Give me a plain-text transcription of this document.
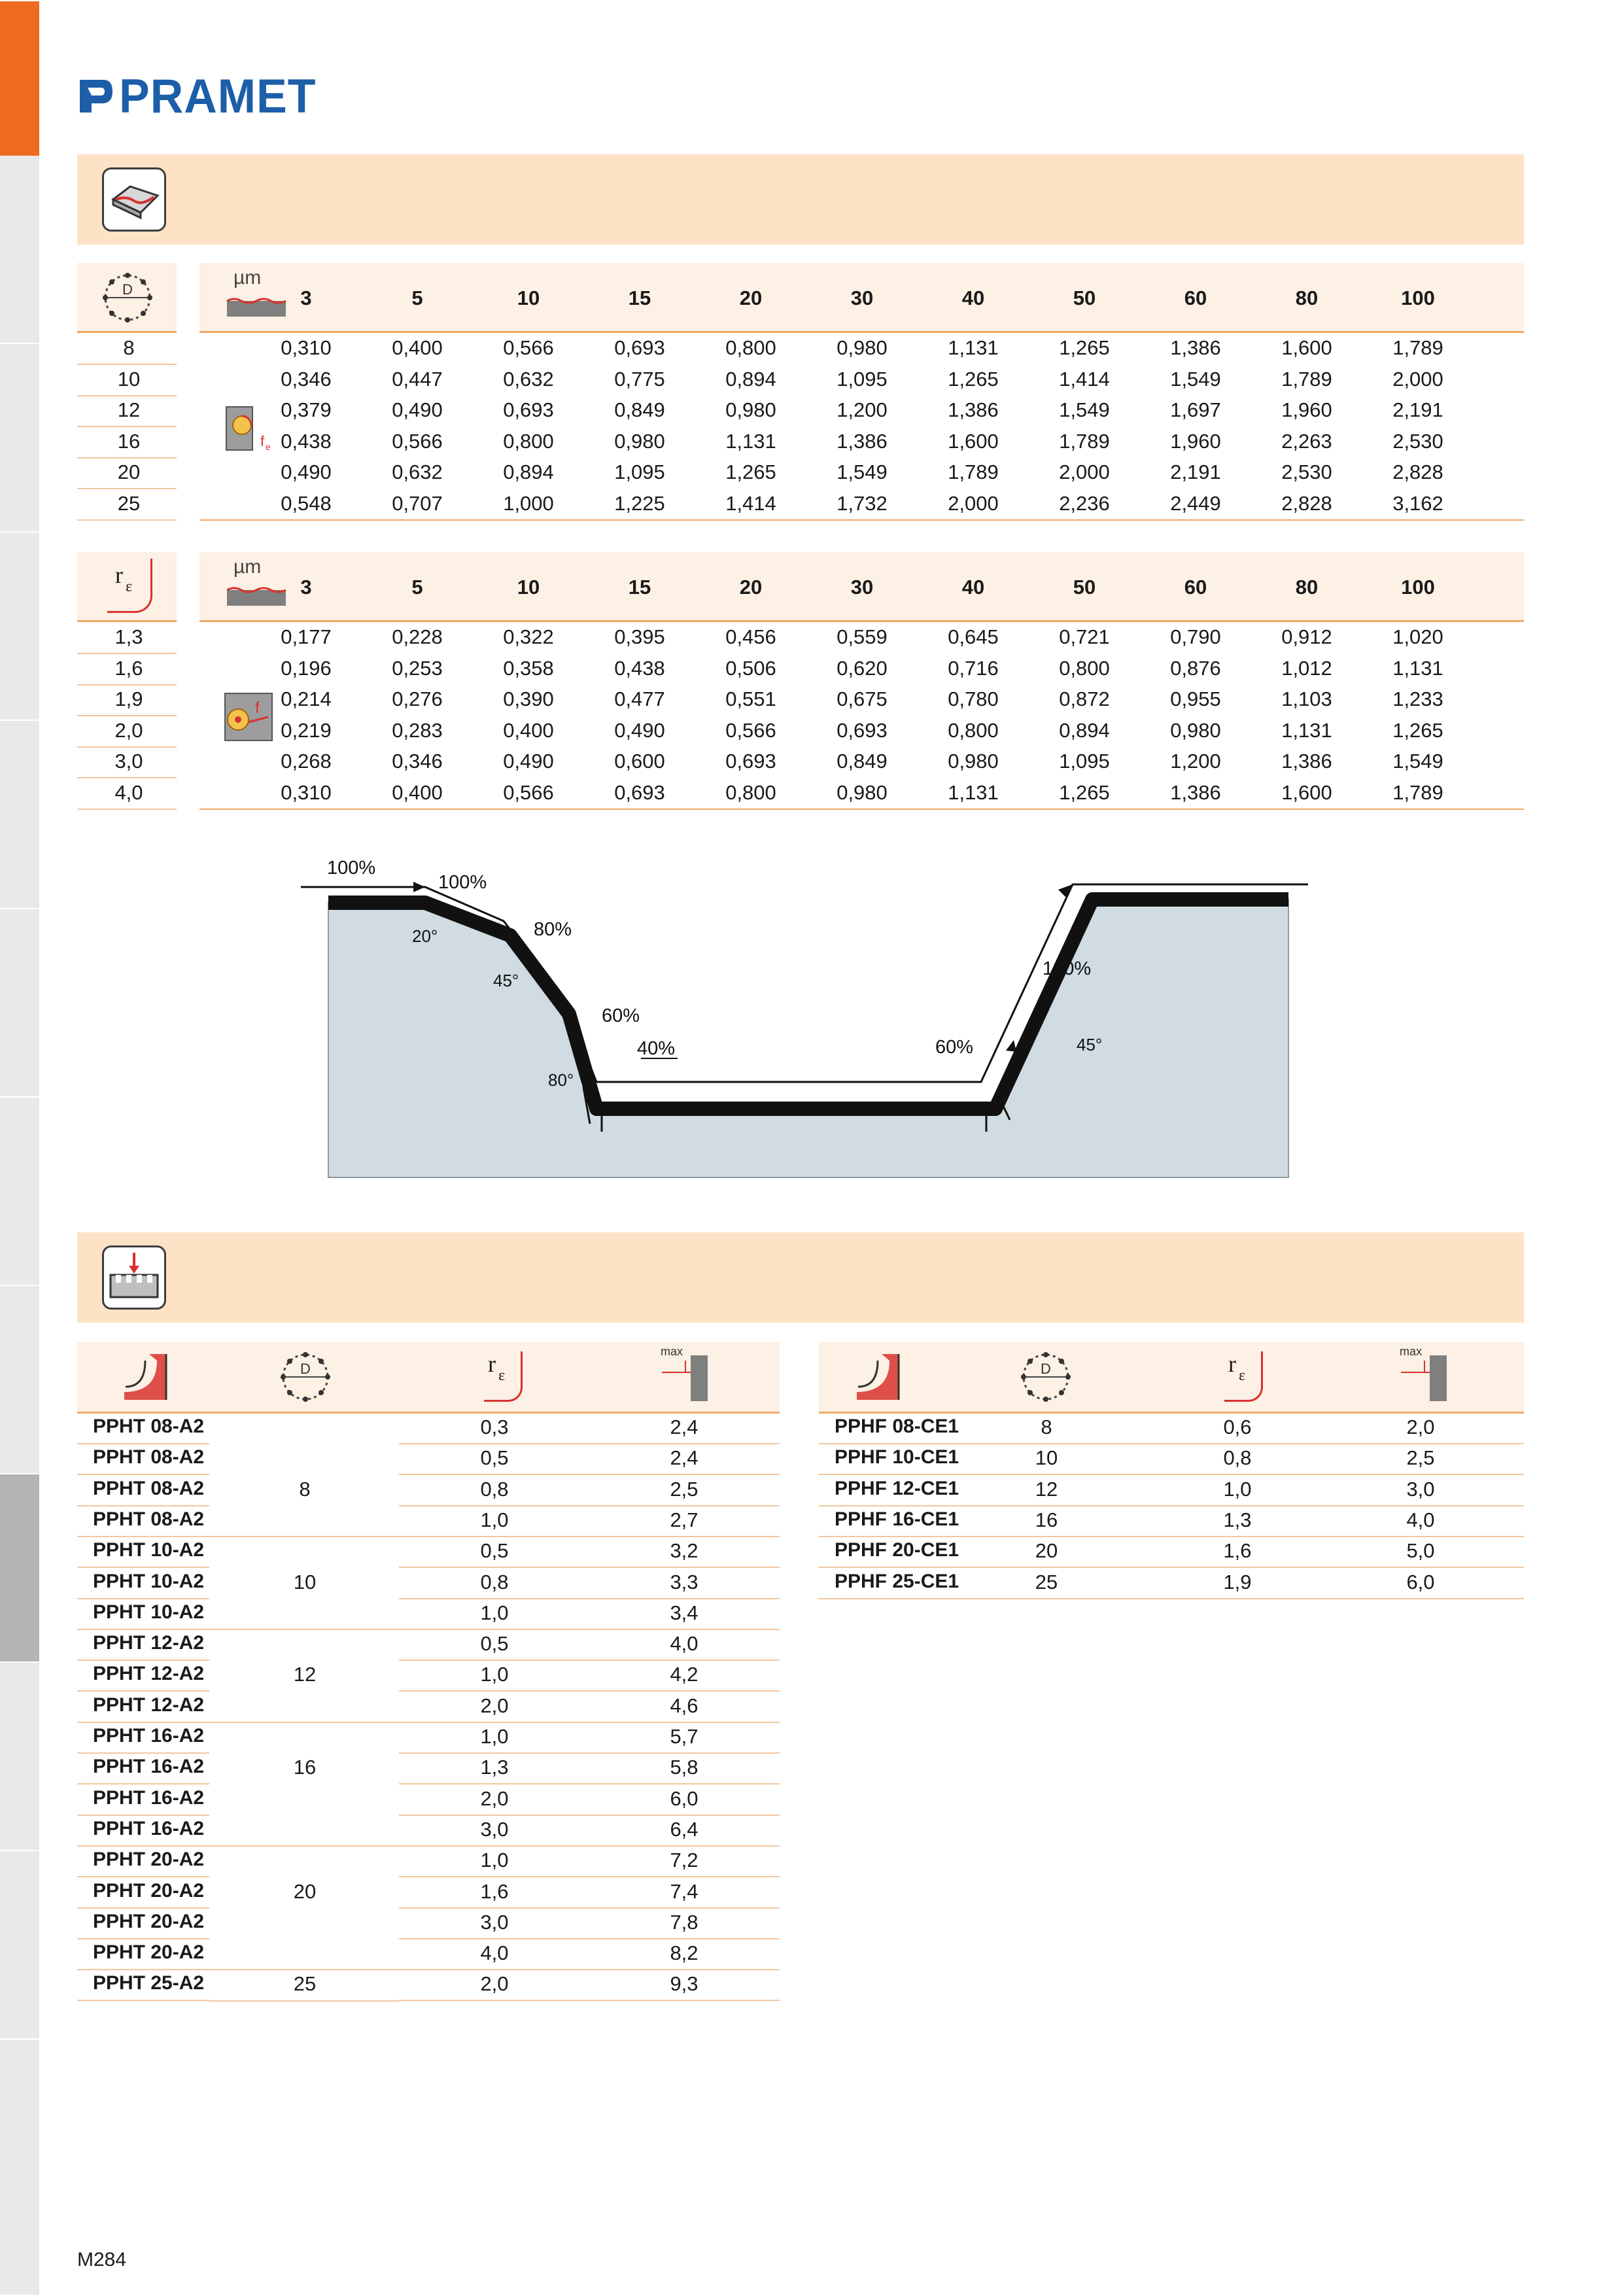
PRAMET
D
µm
3	5	10	15	20	30	40	50	60	80	100
8	0,310	0,400	0,566	0,693	0,800	0,980	1,131	1,265	1,386	1,600	1,789
10	0,346	0,447	0,632	0,775	0,894	1,095	1,265	1,414	1,549	1,789	2,000
12	0,379	0,490	0,693	0,849	0,980	1,200	1,386	1,549	1,697	1,960	2,191
16	0,438	0,566	0,800	0,980	1,131	1,386	1,600	1,789	1,960	2,263	2,530
20	0,490	0,632	0,894	1,095	1,265	1,549	1,789	2,000	2,191	2,530	2,828
25	0,548	0,707	1,000	1,225	1,414	1,732	2,000	2,236	2,449	2,828	3,162
f e
r ε
µm
3	5	10	15	20	30	40	50	60	80	100
1,3	0,177	0,228	0,322	0,395	0,456	0,559	0,645	0,721	0,790	0,912	1,020
1,6	0,196	0,253	0,358	0,438	0,506	0,620	0,716	0,800	0,876	1,012	1,131
1,9	0,214	0,276	0,390	0,477	0,551	0,675	0,780	0,872	0,955	1,103	1,233
2,0	0,219	0,283	0,400	0,490	0,566	0,693	0,800	0,894	0,980	1,131	1,265
3,0	0,268	0,346	0,490	0,600	0,693	0,849	0,980	1,095	1,200	1,386	1,549
4,0	0,310	0,400	0,566	0,693	0,800	0,980	1,131	1,265	1,386	1,600	1,789
f
100%
100%
20°	80%
45°
60%
40%
80°
60%
100%
45°
D	r ε
max
PPHT 08-A2	0,3	2,4
PPHT 08-A2	0,5	2,4
PPHT 08-A2	8	0,8	2,5
PPHT 08-A2	1,0	2,7
PPHT 10-A2	0,5	3,2
PPHT 10-A2	10	0,8	3,3
PPHT 10-A2	1,0	3,4
PPHT 12-A2	0,5	4,0
PPHT 12-A2	12	1,0	4,2
PPHT 12-A2	2,0	4,6
PPHT 16-A2	1,0	5,7
PPHT 16-A2	16	1,3	5,8
PPHT 16-A2	2,0	6,0
PPHT 16-A2	3,0	6,4
PPHT 20-A2	1,0	7,2
PPHT 20-A2	20	1,6	7,4
PPHT 20-A2	3,0	7,8
PPHT 20-A2	4,0	8,2
PPHT 25-A2	25	2,0	9,3
D	r ε
max
PPHF 08-CE1	8	0,6	2,0
PPHF 10-CE1	10	0,8	2,5
PPHF 12-CE1	12	1,0	3,0
PPHF 16-CE1	16	1,3	4,0
PPHF 20-CE1	20	1,6	5,0
PPHF 25-CE1	25	1,9	6,0
M284
